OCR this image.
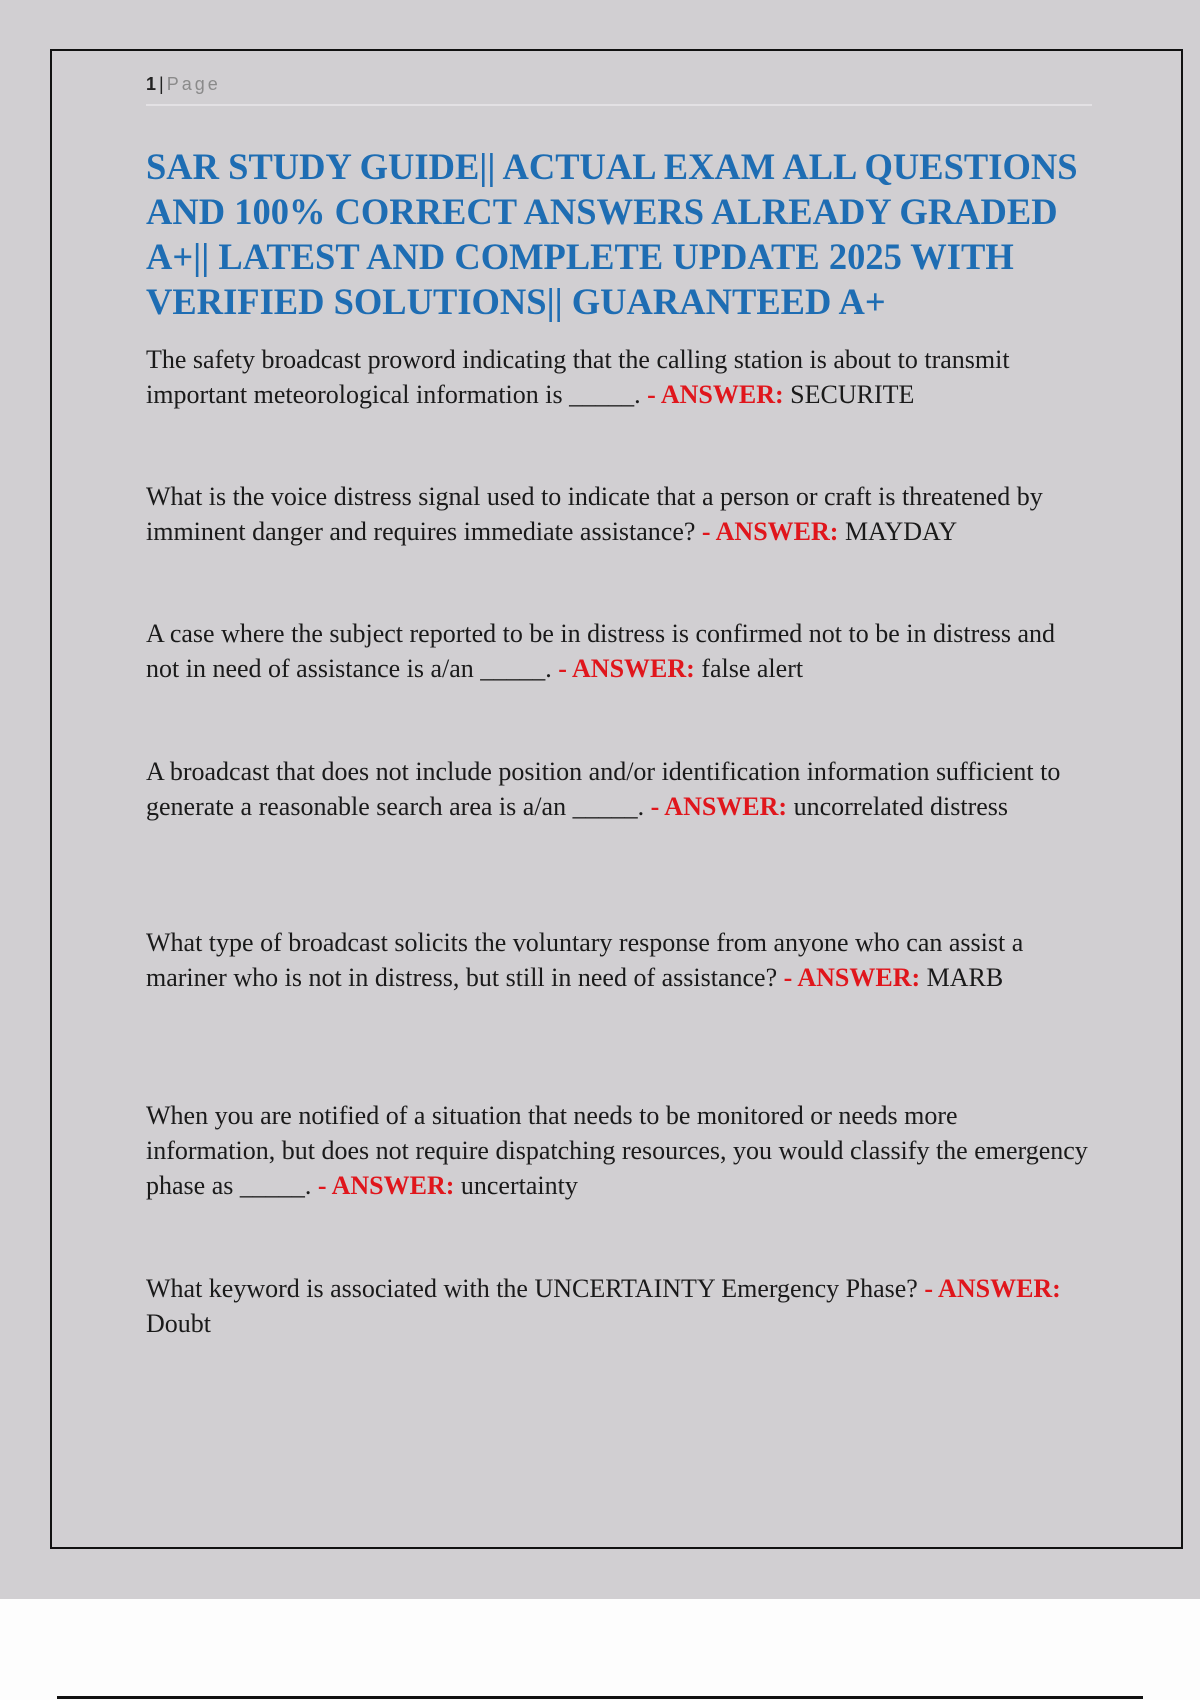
1 | Page
SAR STUDY GUIDE|| ACTUAL EXAM ALL QUESTIONS
AND 100% CORRECT ANSWERS ALREADY GRADED
A+|| LATEST AND COMPLETE UPDATE 2025 WITH
VERIFIED SOLUTIONS|| GUARANTEED A+
The safety broadcast proword indicating that the calling station is about to transmit important meteorological information is _____. - ANSWER: SECURITE
What is the voice distress signal used to indicate that a person or craft is threatened by imminent danger and requires immediate assistance? - ANSWER: MAYDAY
A case where the subject reported to be in distress is confirmed not to be in distress and not in need of assistance is a/an _____. - ANSWER: false alert
A broadcast that does not include position and/or identification information sufficient to generate a reasonable search area is a/an _____. - ANSWER: uncorrelated distress
What type of broadcast solicits the voluntary response from anyone who can assist a mariner who is not in distress, but still in need of assistance? - ANSWER: MARB
When you are notified of a situation that needs to be monitored or needs more information, but does not require dispatching resources, you would classify the emergency phase as _____. - ANSWER: uncertainty
What keyword is associated with the UNCERTAINTY Emergency Phase? - ANSWER: Doubt
